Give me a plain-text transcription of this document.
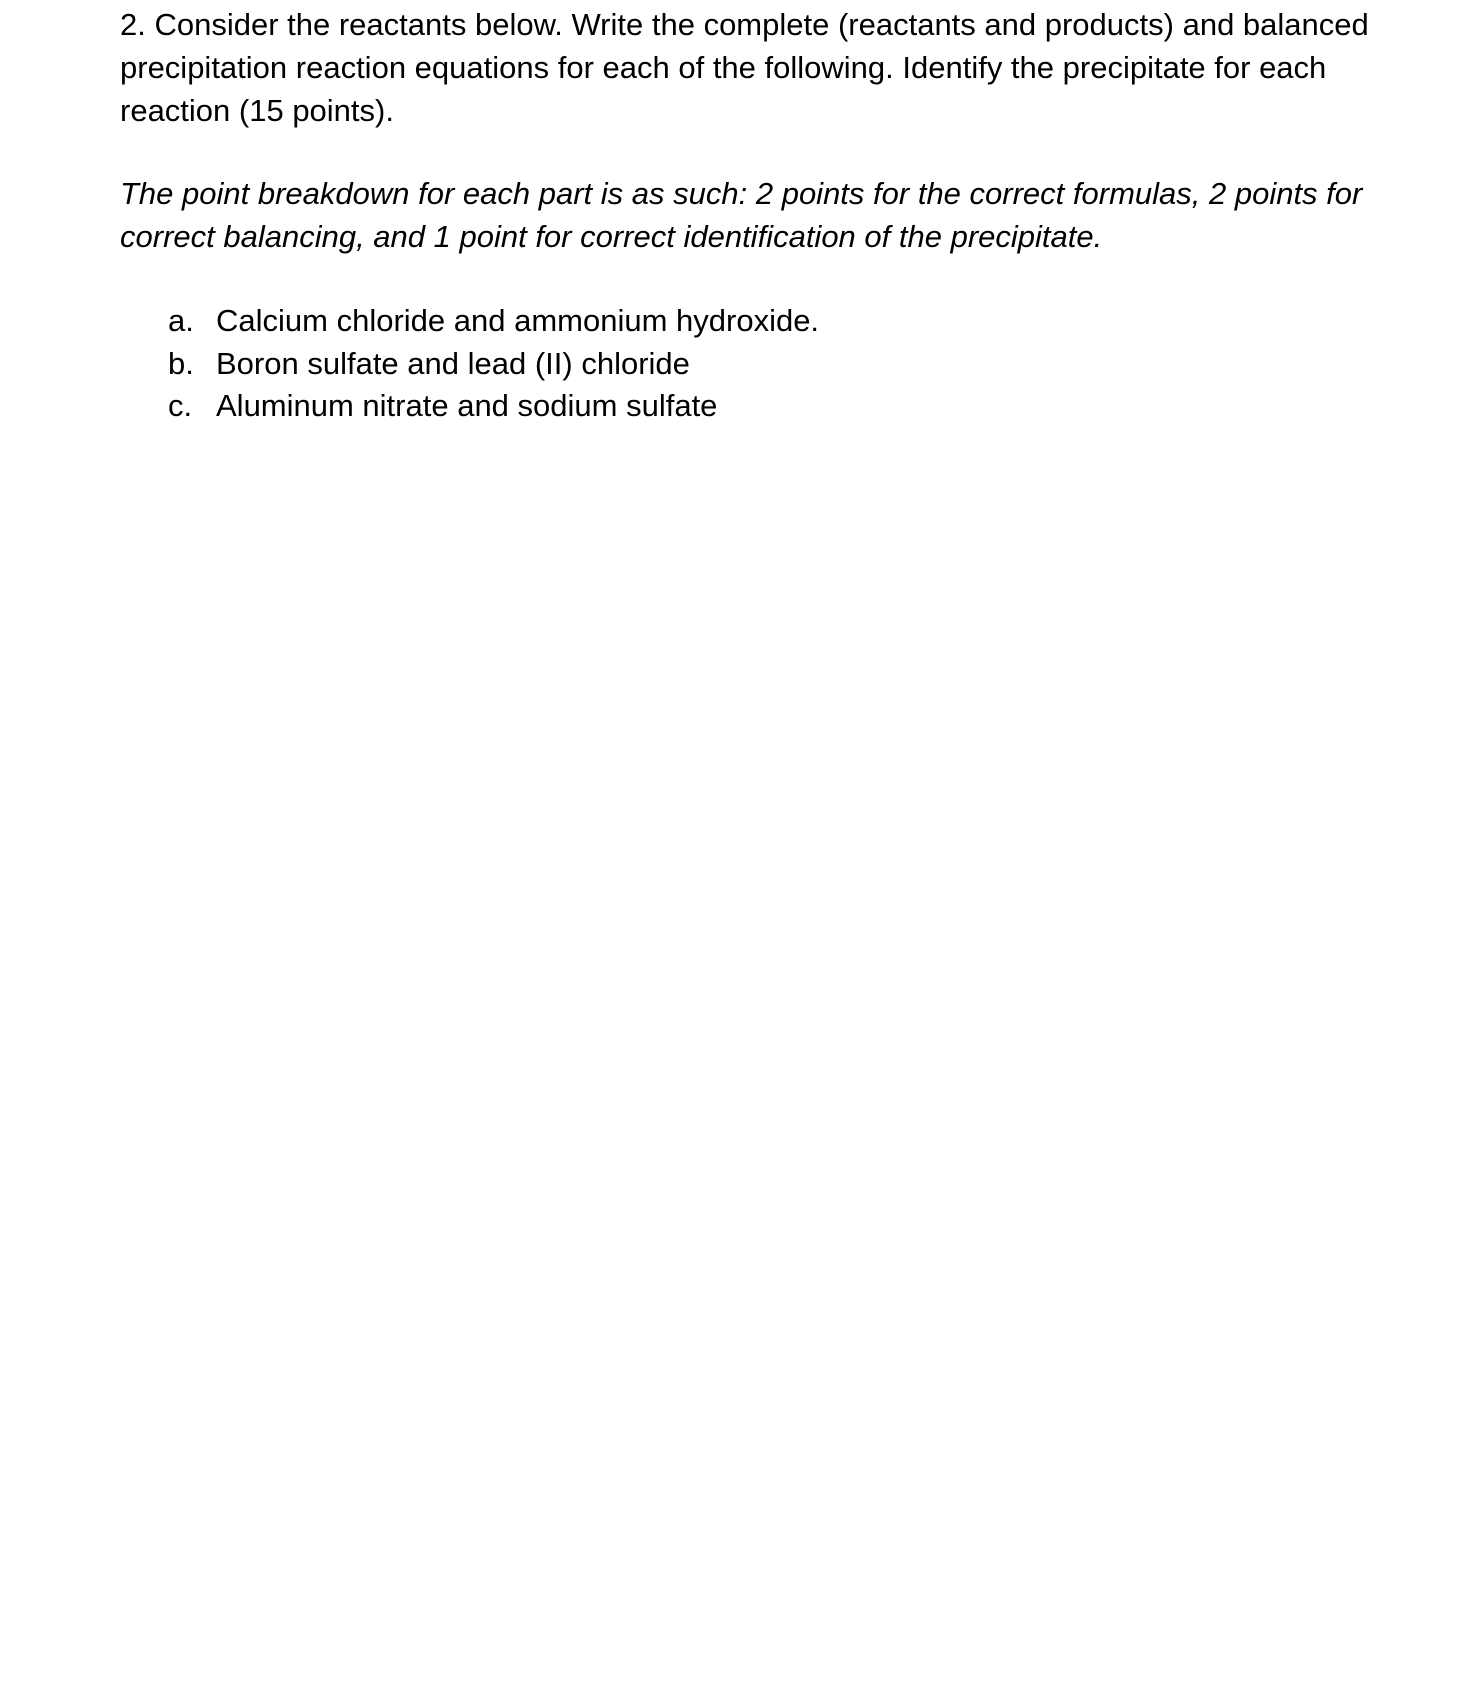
2. Consider the reactants below. Write the complete (reactants and products) and balanced precipitation reaction equations for each of the following. Identify the precipitate for each reaction (15 points).

The point breakdown for each part is as such: 2 points for the correct formulas, 2 points for correct balancing, and 1 point for correct identification of the precipitate.

a. Calcium chloride and ammonium hydroxide.
b. Boron sulfate and lead (II) chloride
c. Aluminum nitrate and sodium sulfate
